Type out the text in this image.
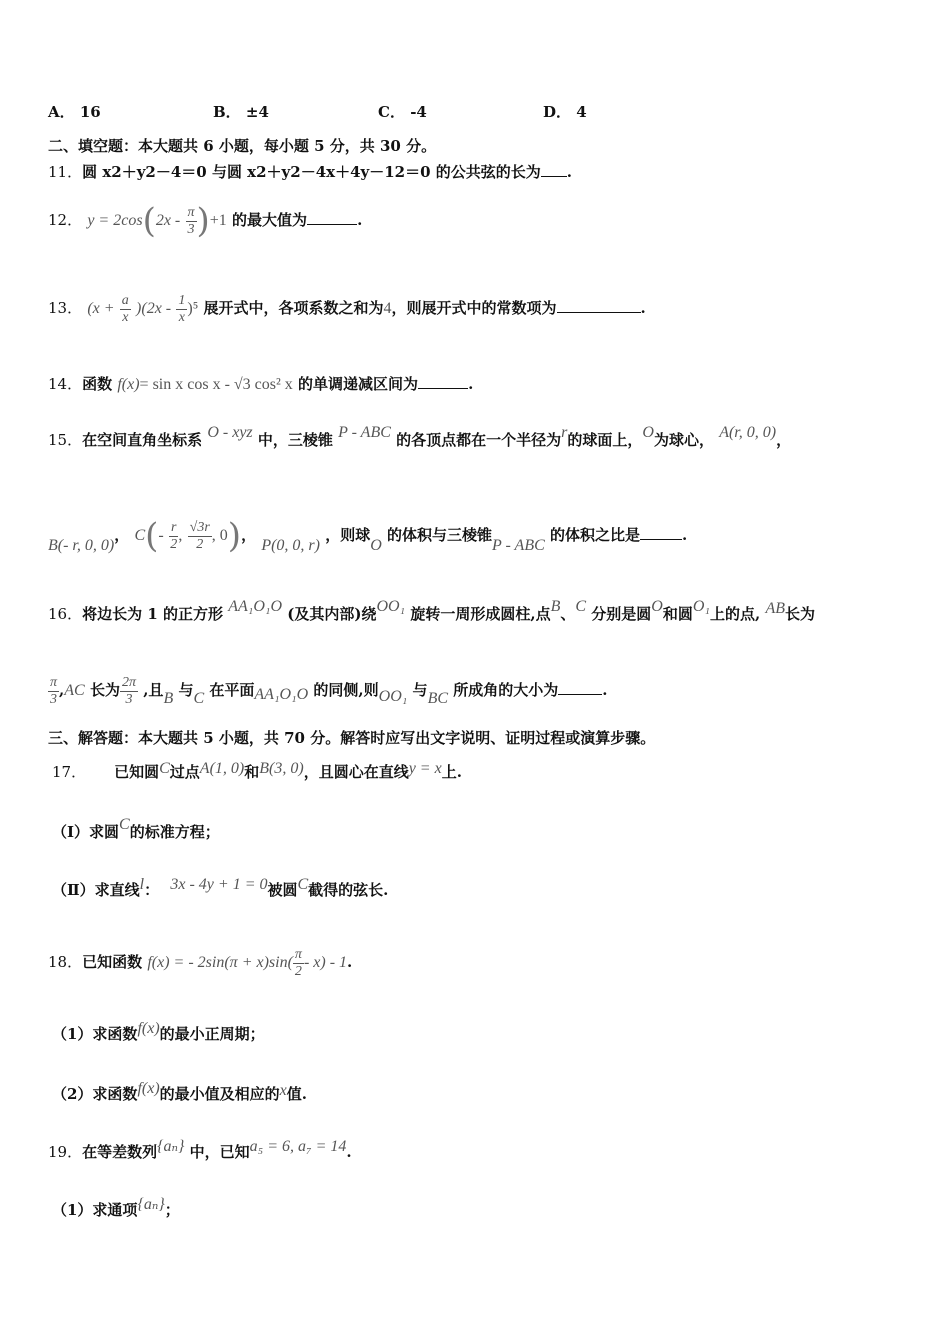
A． 16	B． ±4	C． -4	D． 4
二、填空题：本大题共 6 小题，每小题 5 分，共 30 分。
11．圆 x2＋y2－4＝0 与圆 x2＋y2－4x＋4y－12＝0 的公共弦的长为 .
12． $y = 2\cos(2x - \frac{\pi}{3} )+1$ 的最大值为	.
13． $(x + \frac{a}{x} )(2x - \frac{1}{x} )^5$ 展开式中，各项系数之和为4，则展开式中的常数项为	.
14．函数 f(x)= sin x cos x - √3 cos² x 的单调递减区间为	.
15．在空间直角坐标系 O - xyz 中，三棱锥 P - ABC 的各顶点都在一个半径为r的球面上，O为球心， A(r, 0, 0)，
B(- r, 0, 0)， $C(- \frac{r}{2}$ , $\frac{√3r}{2}$ , 0)， P(0, 0, r) ，则球O 的体积与三棱锥P - ABC 的体积之比是	.
16．将边长为 1 的正方形 AA₁O₁O (及其内部)绕OO₁ 旋转一周形成圆柱,点B、C 分别是圆O和圆O₁上的点, AB长为
$\frac{\pi}{3} ,AC$ 长为 $\frac{2\pi}{3}$ ,且B 与C 在平面AA₁O₁O 的同侧,则OO₁ 与BC 所成角的大小为	.
三、解答题：本大题共 5 小题，共 70 分。解答时应写出文字说明、证明过程或演算步骤。
17． 已知圆C过点A(1, 0)和B(3, 0)，且圆心在直线y = x上.
（Ⅰ）求圆C的标准方程；
（Ⅱ）求直线l： 3x - 4y + 1 = 0被圆C截得的弦长.
18．已知函数 f(x) = - $2\sin(\pi + x)\sin( \frac{\pi}{2} - x) - 1$.
（1）求函数f(x)的最小正周期；
（2）求函数f(x)的最小值及相应的x值.
19．在等差数列{aₙ} 中，已知a₅ = 6, a₇ = 14.
（1）求通项{aₙ}；
